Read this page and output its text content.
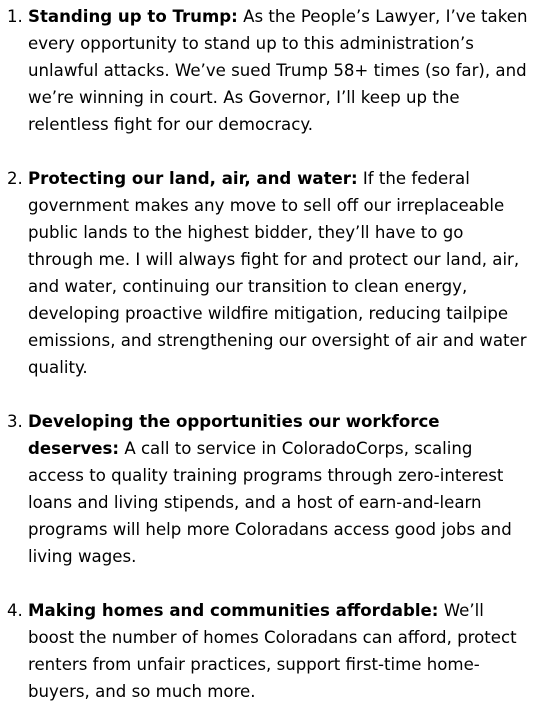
1. Standing up to Trump: As the People’s Lawyer, I’ve taken every opportunity to stand up to this administration’s unlawful attacks. We’ve sued Trump 58+ times (so far), and we’re winning in court. As Governor, I’ll keep up the relentless fight for our democracy.
2. Protecting our land, air, and water: If the federal government makes any move to sell off our irreplaceable public lands to the highest bidder, they’ll have to go through me. I will always fight for and protect our land, air, and water, continuing our transition to clean energy, developing proactive wildfire mitigation, reducing tailpipe emissions, and strengthening our oversight of air and water quality.
3. Developing the opportunities our workforce deserves: A call to service in ColoradoCorps, scaling access to quality training programs through zero-interest loans and living stipends, and a host of earn-and-learn programs will help more Coloradans access good jobs and living wages.
4. Making homes and communities affordable: We’ll boost the number of homes Coloradans can afford, protect renters from unfair practices, support first-time home-buyers, and so much more.
